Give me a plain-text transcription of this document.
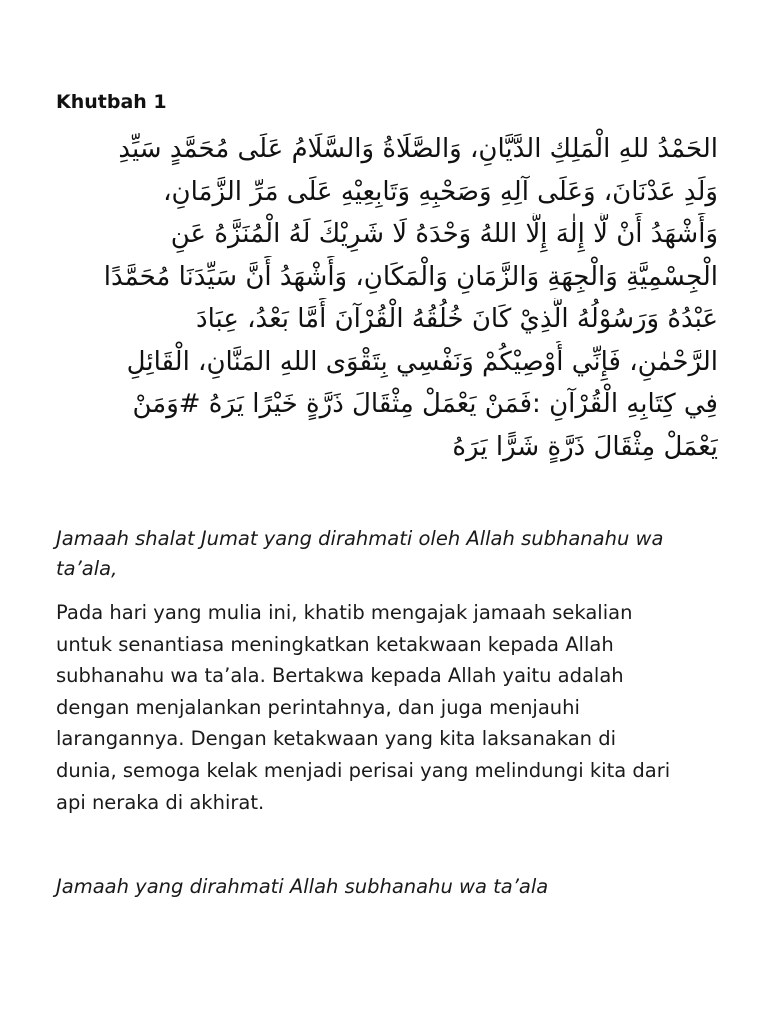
Khutbah 1
الحَمْدُ للهِ الْمَلِكِ الدَّيَّانِ، وَالصَّلَاةُ وَالسَّلَامُ عَلَى مُحَمَّدٍ سَيِّدِ
وَلَدِ عَدْنَانَ، وَعَلَى آلِهِ وَصَحْبِهِ وَتَابِعِيْهِ عَلَى مَرِّ الزَّمَانِ،
وَأَشْهَدُ أَنْ لَّا إِلٰهَ إِلَّا اللهُ وَحْدَهُ لَا شَرِيْكَ لَهُ الْمُنَزَّهُ عَنِ
الْجِسْمِيَّةِ وَالْجِهَةِ وَالزَّمَانِ وَالْمَكَانِ، وَأَشْهَدُ أَنَّ سَيِّدَنَا مُحَمَّدًا
عَبْدُهُ وَرَسُوْلُهُ الَّذِيْ كَانَ خُلُقُهُ الْقُرْآنَ أَمَّا بَعْدُ، عِبَادَ
الرَّحْمٰنِ، فَإِنِّي أُوْصِيْكُمْ وَنَفْسِي بِتَقْوَى اللهِ المَنَّانِ، الْقَائِلِ
فِي كِتَابِهِ الْقُرْآنِ :فَمَنْ يَعْمَلْ مِثْقَالَ ذَرَّةٍ خَيْرًا يَرَهُ #وَمَنْ
يَعْمَلْ مِثْقَالَ ذَرَّةٍ شَرًّا يَرَهُ
Jamaah shalat Jumat yang dirahmati oleh Allah subhanahu wa
ta’ala,
Pada hari yang mulia ini, khatib mengajak jamaah sekalian
untuk senantiasa meningkatkan ketakwaan kepada Allah
subhanahu wa ta’ala. Bertakwa kepada Allah yaitu adalah
dengan menjalankan perintahnya, dan juga menjauhi
larangannya. Dengan ketakwaan yang kita laksanakan di
dunia, semoga kelak menjadi perisai yang melindungi kita dari
api neraka di akhirat.
Jamaah yang dirahmati Allah subhanahu wa ta’ala
